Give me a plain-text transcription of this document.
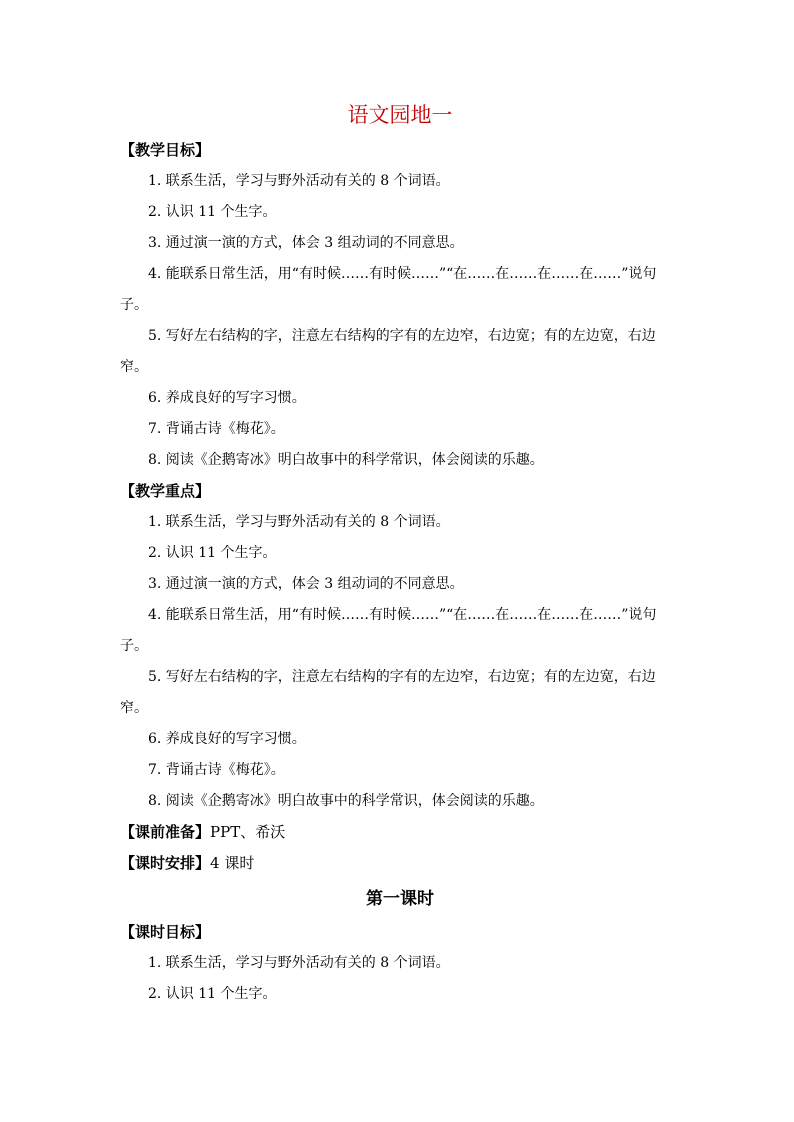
语文园地一

【教学目标】

1. 联系生活，学习与野外活动有关的 8 个词语。

2. 认识 11 个生字。

3. 通过演一演的方式，体会 3 组动词的不同意思。

4. 能联系日常生活，用“有时候……有时候……”“在……在……在……在……”说句子。

5. 写好左右结构的字，注意左右结构的字有的左边窄，右边宽；有的左边宽，右边窄。

6. 养成良好的写字习惯。

7. 背诵古诗《梅花》。

8. 阅读《企鹅寄冰》明白故事中的科学常识，体会阅读的乐趣。

【教学重点】

1. 联系生活，学习与野外活动有关的 8 个词语。

2. 认识 11 个生字。

3. 通过演一演的方式，体会 3 组动词的不同意思。

4. 能联系日常生活，用“有时候……有时候……”“在……在……在……在……”说句子。

5. 写好左右结构的字，注意左右结构的字有的左边窄，右边宽；有的左边宽，右边窄。

6. 养成良好的写字习惯。

7. 背诵古诗《梅花》。

8. 阅读《企鹅寄冰》明白故事中的科学常识，体会阅读的乐趣。

【课前准备】PPT、希沃

【课时安排】4 课时

第一课时

【课时目标】

1. 联系生活，学习与野外活动有关的 8 个词语。

2. 认识 11 个生字。
